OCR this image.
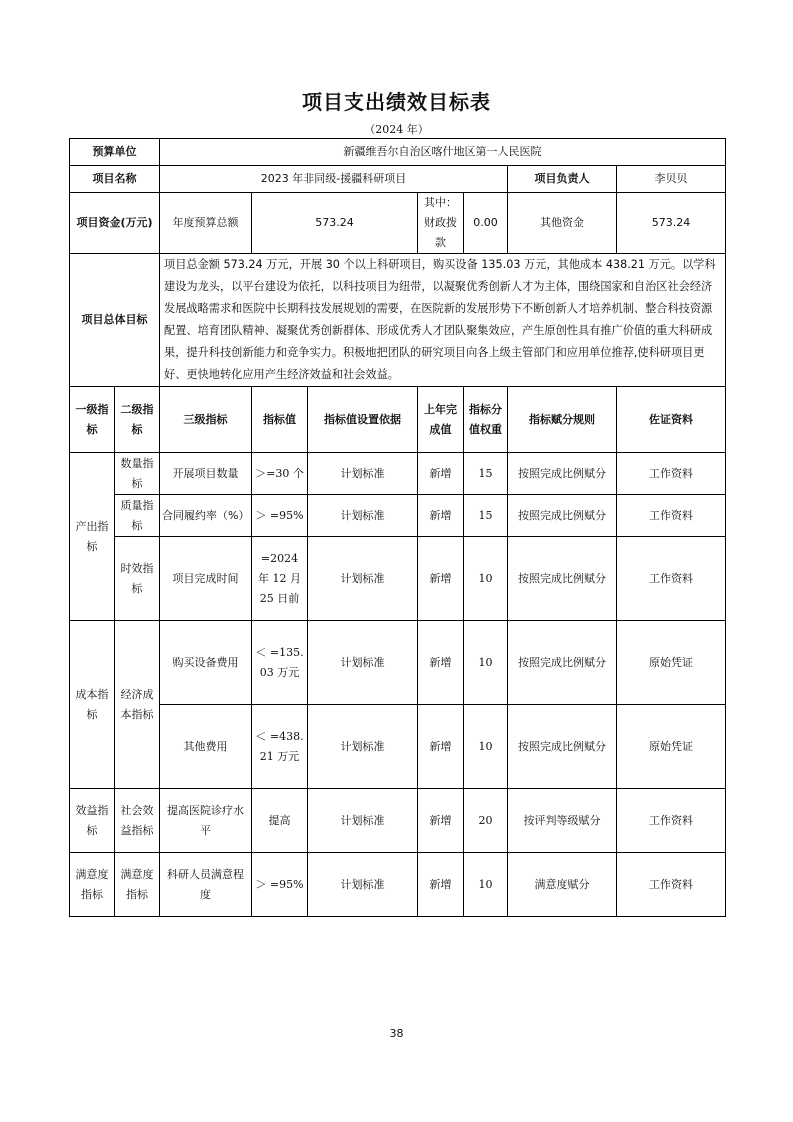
项目支出绩效目标表
（2024 年）
预算单位		新疆维吾尔自治区喀什地区第一人民医院						
项目名称		2023 年非同级-援疆科研项目					项目负责人	李贝贝
项目资金(万元)		年度预算总额	573.24		其中：财政拨款	0.00	其他资金	573.24
项目总体目标		项目总金额 573.24 万元，开展 30 个以上科研项目，购买设备 135.03 万元，其他成本 438.21 万元。以学科建设为龙头，以平台建设为依托，以科技项目为纽带，以凝聚优秀创新人才为主体，围绕国家和自治区社会经济发展战略需求和医院中长期科技发展规划的需要，在医院新的发展形势下不断创新人才培养机制、整合科技资源配置、培育团队精神、凝聚优秀创新群体、形成优秀人才团队聚集效应，产生原创性具有推广价值的重大科研成果，提升科技创新能力和竞争实力。积极地把团队的研究项目向各上级主管部门和应用单位推荐,使科研项目更好、更快地转化应用产生经济效益和社会效益。						
一级指标	二级指标	三级指标	指标值	指标值设置依据	上年完成值	指标分值权重	指标赋分规则	佐证资料
产出指标	数量指标	开展项目数量	＞=30 个	计划标准	新增	15	按照完成比例赋分	工作资料
	质量指标	合同履约率（%）	＞ =95%	计划标准	新增	15	按照完成比例赋分	工作资料
	时效指标	项目完成时间	=2024 年 12 月 25 日前	计划标准	新增	10	按照完成比例赋分	工作资料
成本指标	经济成本指标	购买设备费用	＜ =135.03 万元	计划标准	新增	10	按照完成比例赋分	原始凭证
		其他费用	＜ =438.21 万元	计划标准	新增	10	按照完成比例赋分	原始凭证
效益指标	社会效益指标	提高医院诊疗水平	提高	计划标准	新增	20	按评判等级赋分	工作资料
满意度指标	满意度指标	科研人员满意程度	＞ =95%	计划标准	新增	10	满意度赋分	工作资料
38
